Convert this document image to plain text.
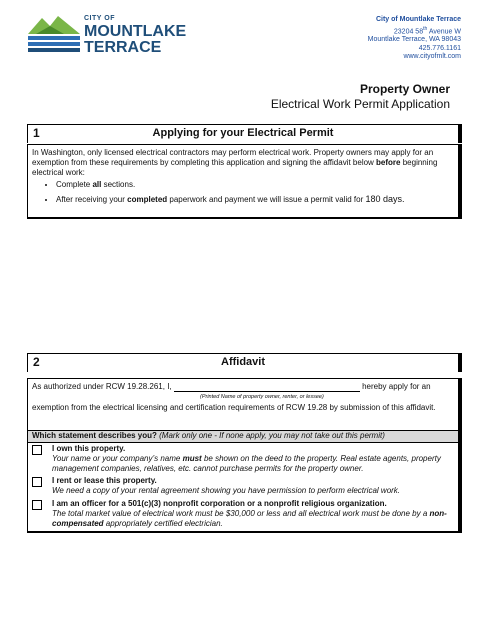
CITY OF
MOUNTLAKE
TERRACE
City of Mountlake Terrace
23204 58th Avenue W
Mountlake Terrace, WA 98043
425.776.1161
www.cityofmlt.com
Property Owner
Electrical Work Permit Application
1	Applying for your Electrical Permit

In Washington, only licensed electrical contractors may perform electrical work. Property owners may apply for an exemption from these requirements by completing this application and signing the affidavit below before beginning electrical work:

• Complete all sections.
• After receiving your completed paperwork and payment we will issue a permit valid for 180 days.
2	Affidavit
As authorized under RCW 19.28.261, I,	hereby apply for an
(Printed Name of property owner, renter, or lessee)
exemption from the electrical licensing and certification requirements of RCW 19.28 by submission of this affidavit.
Which statement describes you? (Mark only one - If none apply, you may not take out this permit)
I own this property.
Your name or your company’s name must be shown on the deed to the property. Real estate agents, property management companies, relatives, etc. cannot purchase permits for the property owner.
I rent or lease this property.
We need a copy of your rental agreement showing you have permission to perform electrical work.
I am an officer for a 501(c)(3) nonprofit corporation or a nonprofit religious organization.
The total market value of electrical work must be $30,000 or less and all electrical work must be done by a non-compensated appropriately certified electrician.
